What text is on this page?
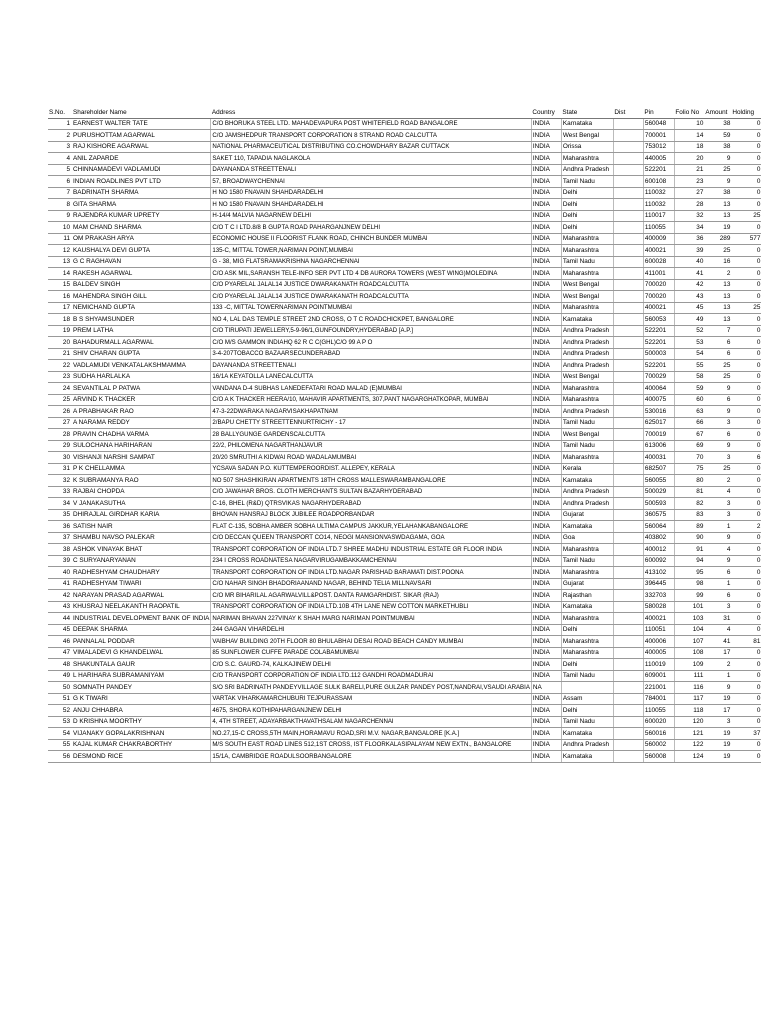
S.No.	Shareholder Name	Address	Country	State	Dist	Pin	Folio No	Amount	Holding
1	EARNEST WALTER TATE	C/O BHORUKA STEEL LTD. MAHADEVAPURA POST WHITEFIELD ROAD BANGALORE	INDIA	Karnataka		560048	10	38	0
2	PURUSHOTTAM AGARWAL	C/O JAMSHEDPUR TRANSPORT CORPORATION 8 STRAND ROAD CALCUTTA	INDIA	West Bengal		700001	14	59	0
3	RAJ KISHORE AGARWAL	NATIONAL PHARMACEUTICAL DISTRIBUTING CO.CHOWDHARY BAZAR CUTTACK	INDIA	Orissa		753012	18	38	0
4	ANIL ZAPARDE	SAKET 110, TAPADIA NAGLAKOLA	INDIA	Maharashtra		440005	20	9	0
5	CHINNAMADEVI VADLAMUDI	DAYANANDA STREETTENALI	INDIA	Andhra Pradesh		522201	21	25	0
6	INDIAN ROADLINES PVT LTD	57, BROADWAYCHENNAI	INDIA	Tamil Nadu		600108	23	9	0
7	BADRINATH SHARMA	H NO 1580 FNAVAIN SHAHDARADELHI	INDIA	Delhi		110032	27	38	0
8	GITA SHARMA	H NO 1580 FNAVAIN SHAHDARADELHI	INDIA	Delhi		110032	28	13	0
9	RAJENDRA KUMAR UPRETY	H-14/4 MALVIA NAGARNEW DELHI	INDIA	Delhi		110017	32	13	25
10	MAM CHAND SHARMA	C/O T C I LTD.8/8 B GUPTA ROAD PAHARGANJNEW DELHI	INDIA	Delhi		110055	34	19	0
11	OM PRAKASH ARYA	ECONOMIC HOUSE II FLOORIST FLANK ROAD, CHINCH BUNDER MUMBAI	INDIA	Maharashtra		400009	36	289	577
12	KAUSHALYA DEVI GUPTA	135-C, MITTAL TOWER,NARIMAN POINT,MUMBAI	INDIA	Maharashtra		400021	39	25	0
13	G C RAGHAVAN	G - 38, MIG FLATSRAMAKRISHNA NAGARCHENNAI	INDIA	Tamil Nadu		600028	40	16	0
14	RAKESH AGARWAL	C/O ASK MIL,SARANSH TELE-INFO SER PVT LTD 4 DB AURORA TOWERS (WEST WING)MOLEDINA	INDIA	Maharashtra		411001	41	2	0
15	BALDEV SINGH	C/O PYARELAL JALAL14 JUSTICE DWARAKANATH ROADCALCUTTA	INDIA	West Bengal		700020	42	13	0
16	MAHENDRA SINGH GILL	C/O PYARELAL JALAL14 JUSTICE DWARAKANATH ROADCALCUTTA	INDIA	West Bengal		700020	43	13	0
17	NEMICHAND GUPTA	133 -C, MITTAL TOWERNARIMAN POINTMUMBAI	INDIA	Maharashtra		400021	45	13	25
18	B S SHYAMSUNDER	NO 4, LAL DAS TEMPLE STREET 2ND CROSS, O T C ROADCHICKPET, BANGALORE	INDIA	Karnataka		560053	49	13	0
19	PREM LATHA	C/O TIRUPATI JEWELLERY,5-9-96/1,GUNFOUNDRY,HYDERABAD [A.P.]	INDIA	Andhra Pradesh		522201	52	7	0
20	BAHADURMALL AGARWAL	C/O M/S GAMMON INDIAHQ 62 R C C(GHL)C/O 99 A P O	INDIA	Andhra Pradesh		522201	53	6	0
21	SHIV CHARAN GUPTA	3-4-207TOBACCO BAZAARSECUNDERABAD	INDIA	Andhra Pradesh		500003	54	6	0
22	VADLAMUDI VENKATALAKSHMAMMA	DAYANANDA STREETTENALI	INDIA	Andhra Pradesh		522201	55	25	0
23	SUDHA HARLALKA	16/1A KEYATOLLA LANECALCUTTA	INDIA	West Bengal		700029	58	25	0
24	SEVANTILAL P PATWA	VANDANA D-4 SUBHAS LANEDEFATARI ROAD MALAD (E)MUMBAI	INDIA	Maharashtra		400064	59	9	0
25	ARVIND K THACKER	C/O A K THACKER HEERA/10, MAHAVIR APARTMENTS, 307,PANT NAGARGHATKOPAR, MUMBAI	INDIA	Maharashtra		400075	60	6	0
26	A PRABHAKAR RAO	47-3-22DWARAKA NAGARVISAKHAPATNAM	INDIA	Andhra Pradesh		530016	63	9	0
27	A NARAMA REDDY	2/BAPU CHETTY STREETTENNURTRICHY - 17	INDIA	Tamil Nadu		625017	66	3	0
28	PRAVIN CHADHA VARMA	28 BALLYGUNGE GARDENSCALCUTTA	INDIA	West Bengal		700019	67	6	0
29	SULOCHANA HARIHARAN	22/2, PHILOMENA NAGARTHANJAVUR	INDIA	Tamil Nadu		613006	69	9	0
30	VISHANJI NARSHI SAMPAT	20/20 SMRUTHI A KIDWAI ROAD WADALAMUMBAI	INDIA	Maharashtra		400031	70	3	6
31	P K CHELLAMMA	YCSAVA SADAN P.O. KUTTEMPEROORDIST. ALLEPEY, KERALA	INDIA	Kerala		682507	75	25	0
32	K SUBRAMANYA RAO	NO 507 SHASHIKIRAN APARTMENTS 18TH CROSS MALLESWARAMBANGALORE	INDIA	Karnataka		560055	80	2	0
33	RAJBAI CHOPDA	C/O JAWAHAR BROS. CLOTH MERCHANTS SULTAN BAZARHYDERABAD	INDIA	Andhra Pradesh		500029	81	4	0
34	V JANAKASUTHA	C-16, BHEL (R&D) QTRSVIKAS NAGARHYDERABAD	INDIA	Andhra Pradesh		500593	82	3	0
35	DHIRAJLAL GIRDHAR KARIA	BHOVAN HANSRAJ BLOCK JUBILEE ROADPORBANDAR	INDIA	Gujarat		360575	83	3	0
36	SATISH NAIR	FLAT C-135, SOBHA AMBER SOBHA ULTIMA CAMPUS JAKKUR,YELAHANKABANGALORE	INDIA	Karnataka		560064	89	1	2
37	SHAMBU NAVSO PALEKAR	C/O DECCAN QUEEN TRANSPORT CO14, NEOGI MANSIONVASWDAGAMA, GOA	INDIA	Goa		403802	90	9	0
38	ASHOK VINAYAK BHAT	TRANSPORT CORPORATION OF INDIA LTD.7 SHREE MADHU INDUSTRIAL ESTATE GR FLOOR INDIA	INDIA	Maharashtra		400012	91	4	0
39	C SURYANARYANAN	234 I CROSS ROADNATESA NAGARVIRUGAMBAKKAMCHENNAI	INDIA	Tamil Nadu		600092	94	9	0
40	RADHESHYAM CHAUDHARY	TRANSPORT CORPORATION OF INDIA LTD.NAGAR PARISHAD BARAMATI DIST.POONA	INDIA	Maharashtra		413102	95	6	0
41	RADHESHYAM TIWARI	C/O NAHAR SINGH BHADORIAANAND NAGAR, BEHIND TELIA MILLNAVSARI	INDIA	Gujarat		396445	98	1	0
42	NARAYAN PRASAD AGARWAL	C/O MR BIHARILAL AGARWALVILL&POST. DANTA RAMGARHDIST. SIKAR (RAJ)	INDIA	Rajasthan		332703	99	6	0
43	KHUSRAJ NEELAKANTH RAOPATIL	TRANSPORT CORPORATION OF INDIA LTD.10B 4TH LANE NEW COTTON MARKETHUBLI	INDIA	Karnataka		580028	101	3	0
44	INDUSTRIAL DEVELOPMENT BANK OF INDIA	NARIMAN BHAVAN 227VINAY K SHAH MARG NARIMAN POINTMUMBAI	INDIA	Maharashtra		400021	103	31	0
45	DEEPAK SHARMA	244 GAGAN VIHARDELHI	INDIA	Delhi		110051	104	4	0
46	PANNALAL PODDAR	VAIBHAV BUILDING 20TH FLOOR 80 BHULABHAI DESAI ROAD BEACH CANDY MUMBAI	INDIA	Maharashtra		400006	107	41	81
47	VIMALADEVI G KHANDELWAL	85 SUNFLOWER CUFFE PARADE COLABAMUMBAI	INDIA	Maharashtra		400005	108	17	0
48	SHAKUNTALA GAUR	C/O S.C. GAURD-74, KALKAJINEW DELHI	INDIA	Delhi		110019	109	2	0
49	L HARIHARA SUBRAMANIYAM	C/O TRANSPORT CORPORATION OF INDIA LTD.112 GANDHI ROADMADURAI	INDIA	Tamil Nadu		609001	111	1	0
50	SOMNATH PANDEY	S/O SRI BADRINATH PANDEYVILLAGE SULK BARELI,PURE GULZAR PANDEY POST,NANDRAI,VSAUDI ARABIA	NA			221001	116	9	0
51	G K TIWARI	VARTAK VIHARKAMARCHUBURI TEJPURASSAM	INDIA	Assam		784001	117	19	0
52	ANJU CHHABRA	4675, SHORA KOTHIPAHARGANJNEW DELHI	INDIA	Delhi		110055	118	17	0
53	D KRISHNA MOORTHY	4, 4TH STREET, ADAYARBAKTHAVATHSALAM NAGARCHENNAI	INDIA	Tamil Nadu		600020	120	3	0
54	VIJANAKY GOPALAKRISHNAN	NO.27,15-C CROSS,5TH MAIN,HORAMAVU ROAD,SRI M.V. NAGAR,BANGALORE [K.A.]	INDIA	Karnataka		560016	121	19	37
55	KAJAL KUMAR CHAKRABORTHY	M/S SOUTH EAST ROAD LINES 512,1ST CROSS, IST FLOORKALASIPALAYAM NEW EXTN., BANGALORE	INDIA	Andhra Pradesh		560002	122	19	0
56	DESMOND RICE	15/1A, CAMBRIDGE ROADULSOORBANGALORE	INDIA	Karnataka		560008	124	19	0
